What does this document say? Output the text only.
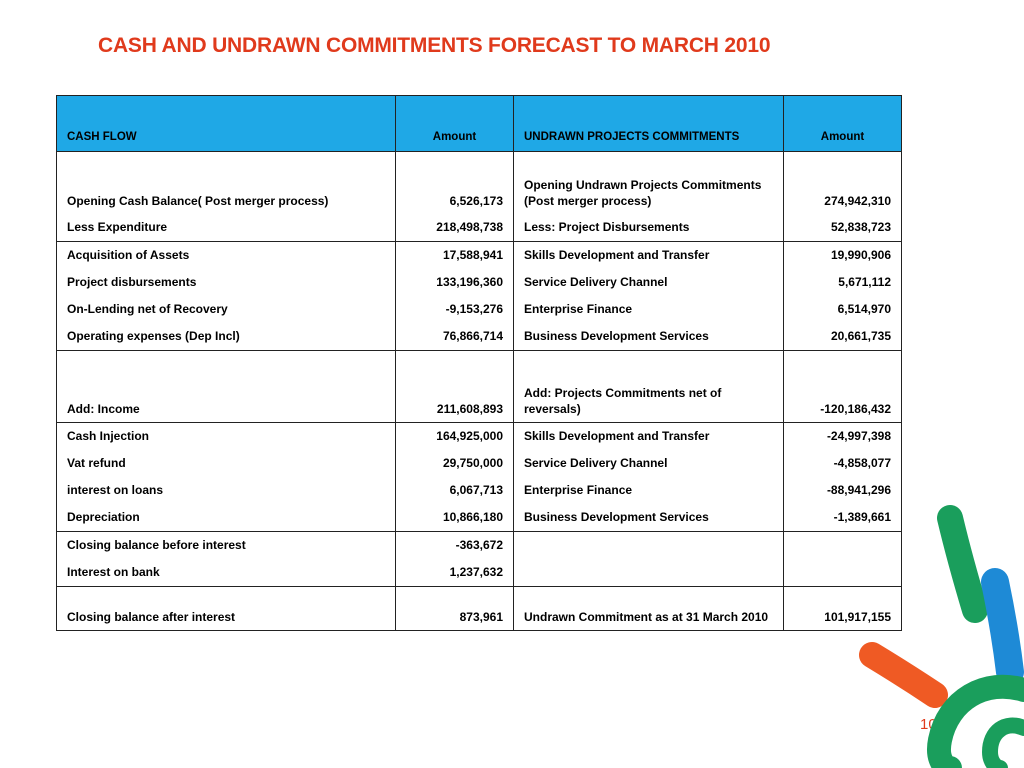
CASH AND UNDRAWN COMMITMENTS FORECAST TO MARCH 2010
CASH FLOW	Amount	UNDRAWN PROJECTS COMMITMENTS	Amount
Opening Cash Balance( Post merger process)	6,526,173	Opening Undrawn Projects Commitments (Post merger process)	274,942,310
Less Expenditure	218,498,738	Less: Project Disbursements	52,838,723
Acquisition of Assets	17,588,941	Skills Development and Transfer	19,990,906
Project disbursements	133,196,360	Service Delivery Channel	5,671,112
On-Lending net of Recovery	-9,153,276	Enterprise Finance	6,514,970
Operating expenses (Dep Incl)	76,866,714	Business Development Services	20,661,735
Add: Income	211,608,893	Add: Projects Commitments net of reversals)	-120,186,432
Cash Injection	164,925,000	Skills Development and Transfer	-24,997,398
Vat refund	29,750,000	Service Delivery Channel	-4,858,077
interest on loans	6,067,713	Enterprise Finance	-88,941,296
Depreciation	10,866,180	Business Development Services	-1,389,661
Closing balance before interest	-363,672		
Interest on bank	1,237,632		
Closing balance after interest	873,961	Undrawn Commitment as at 31 March 2010	101,917,155
10
